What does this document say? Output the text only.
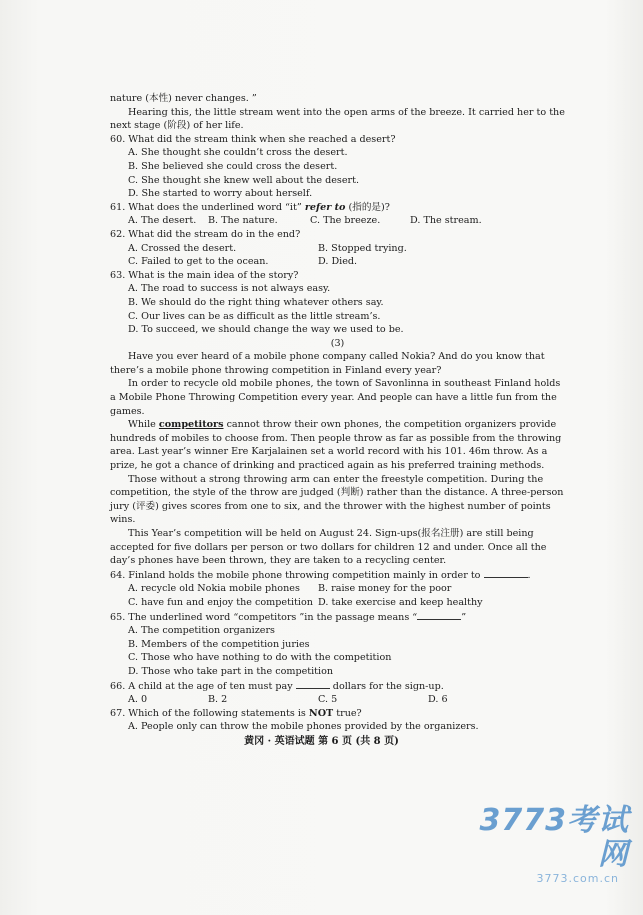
nature (本性) never changes. ”

Hearing this, the little stream went into the open arms of the breeze. It carried her to the next stage (阶段) of her life.

60. What did the stream think when she reached a desert?

A. She thought she couldn’t cross the desert.

B. She believed she could cross the desert.

C. She thought she knew well about the desert.

D. She started to worry about herself.

61. What does the underlined word “it” refer to (指的是)?

A. The desert.	B. The nature.	C. The breeze.	D. The stream.

62. What did the stream do in the end?

A. Crossed the desert.	B. Stopped trying.
C. Failed to get to the ocean.	D. Died.

63. What is the main idea of the story?

A. The road to success is not always easy.

B. We should do the right thing whatever others say.

C. Our lives can be as difficult as the little stream’s.

D. To succeed, we should change the way we used to be.

(3)

Have you ever heard of a mobile phone company called Nokia? And do you know that there’s a mobile phone throwing competition in Finland every year?

In order to recycle old mobile phones, the town of Savonlinna in southeast Finland holds a Mobile Phone Throwing Competition every year. And people can have a little fun from the games.

While competitors cannot throw their own phones, the competition organizers provide hundreds of mobiles to choose from. Then people throw as far as possible from the throwing area. Last year’s winner Ere Karjalainen set a world record with his 101. 46m throw. As a prize, he got a chance of drinking and practiced again as his preferred training methods.

Those without a strong throwing arm can enter the freestyle competition. During the competition, the style of the throw are judged (判断) rather than the distance. A three-person jury (评委) gives scores from one to six, and the thrower with the highest number of points wins.

This Year’s competition will be held on August 24. Sign-ups(报名注册) are still being accepted for five dollars per person or two dollars for children 12 and under. Once all the day’s phones have been thrown, they are taken to a recycling center.

64. Finland holds the mobile phone throwing competition mainly in order to	.

A. recycle old Nokia mobile phones	B. raise money for the poor
C. have fun and enjoy the competition D. take exercise and keep healthy

65. The underlined word “competitors ”in the passage means “	”

A. The competition organizers

B. Members of the competition juries

C. Those who have nothing to do with the competition

D. Those who take part in the competition

66. A child at the age of ten must pay	dollars for the sign-up.

A. 0	B. 2	C. 5	D. 6

67. Which of the following statements is NOT true?

A. People only can throw the mobile phones provided by the organizers.

黄冈 · 英语试题 第 6 页 (共 8 页)
3773考试网
3773.com.cn
